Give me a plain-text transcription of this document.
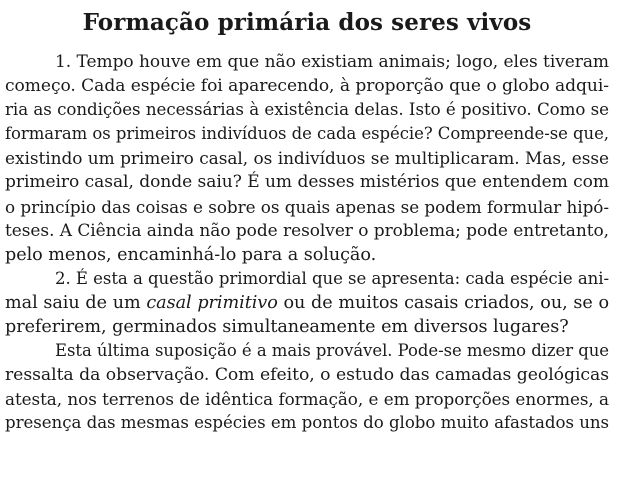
Formação primária dos seres vivos
1. Tempo houve em que não existiam animais; logo, eles tiveram
começo. Cada espécie foi aparecendo, à proporção que o globo adqui-
ria as condições necessárias à existência delas. Isto é positivo. Como se
formaram os primeiros indivíduos de cada espécie? Compreende-se que,
existindo um primeiro casal, os indivíduos se multiplicaram. Mas, esse
primeiro casal, donde saiu? É um desses mistérios que entendem com
o princípio das coisas e sobre os quais apenas se podem formular hipó-
teses. A Ciência ainda não pode resolver o problema; pode entretanto,
pelo menos, encaminhá-lo para a solução.
2. É esta a questão primordial que se apresenta: cada espécie ani-
mal saiu de um casal primitivo ou de muitos casais criados, ou, se o
preferirem, germinados simultaneamente em diversos lugares?
Esta última suposição é a mais provável. Pode-se mesmo dizer que
ressalta da observação. Com efeito, o estudo das camadas geológicas
atesta, nos terrenos de idêntica formação, e em proporções enormes, a
presença das mesmas espécies em pontos do globo muito afastados uns
